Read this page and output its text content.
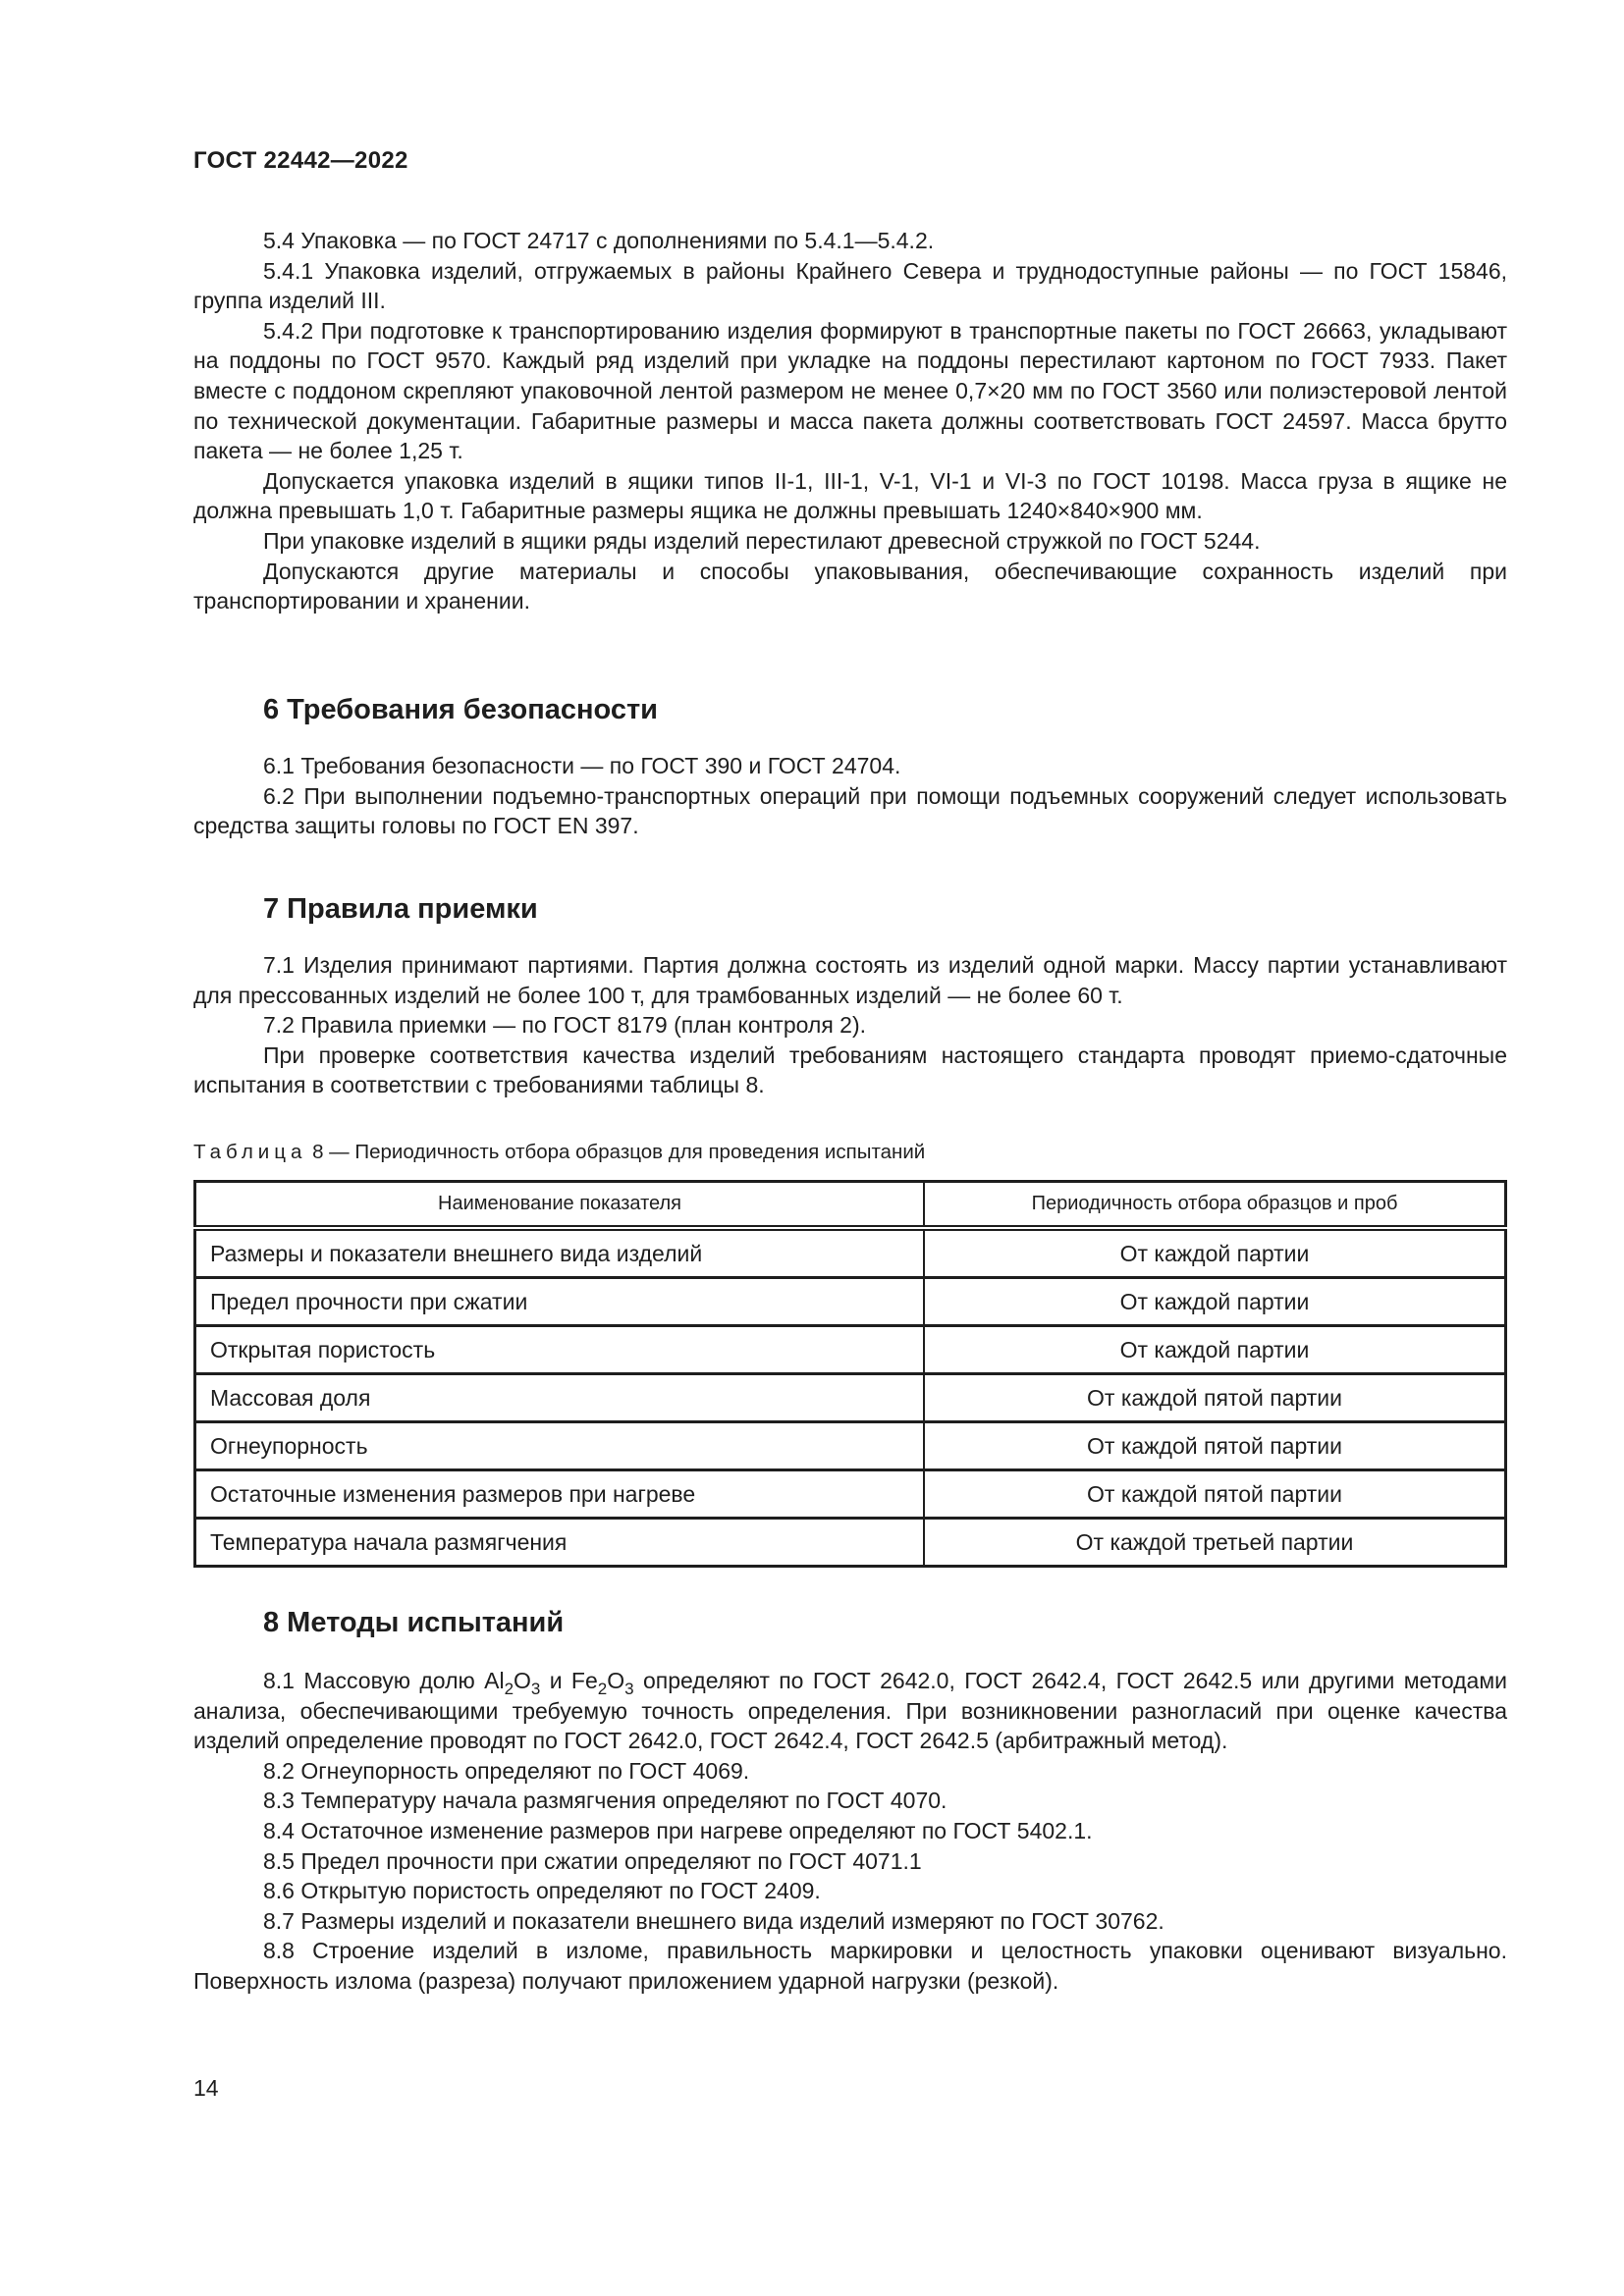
ГОСТ 22442—2022

5.4 Упаковка — по ГОСТ 24717 с дополнениями по 5.4.1—5.4.2.

5.4.1 Упаковка изделий, отгружаемых в районы Крайнего Севера и труднодоступные районы — по ГОСТ 15846, группа изделий III.

5.4.2 При подготовке к транспортированию изделия формируют в транспортные пакеты по ГОСТ 26663, укладывают на поддоны по ГОСТ 9570. Каждый ряд изделий при укладке на поддоны перестилают картоном по ГОСТ 7933. Пакет вместе с поддоном скрепляют упаковочной лентой размером не менее 0,7×20 мм по ГОСТ 3560 или полиэстеровой лентой по технической документации. Габаритные размеры и масса пакета должны соответствовать ГОСТ 24597. Масса брутто пакета — не более 1,25 т.

Допускается упаковка изделий в ящики типов II-1, III-1, V-1, VI-1 и VI-3 по ГОСТ 10198. Масса груза в ящике не должна превышать 1,0 т. Габаритные размеры ящика не должны превышать 1240×840×900 мм.

При упаковке изделий в ящики ряды изделий перестилают древесной стружкой по ГОСТ 5244.

Допускаются другие материалы и способы упаковывания, обеспечивающие сохранность изделий при транспортировании и хранении.

6 Требования безопасности

6.1 Требования безопасности — по ГОСТ 390 и ГОСТ 24704.

6.2 При выполнении подъемно-транспортных операций при помощи подъемных сооружений следует использовать средства защиты головы по ГОСТ EN 397.

7 Правила приемки

7.1 Изделия принимают партиями. Партия должна состоять из изделий одной марки. Массу партии устанавливают для прессованных изделий не более 100 т, для трамбованных изделий — не более 60 т.

7.2 Правила приемки — по ГОСТ 8179 (план контроля 2).

При проверке соответствия качества изделий требованиям настоящего стандарта проводят приемо-сдаточные испытания в соответствии с требованиями таблицы 8.

Таблица 8 — Периодичность отбора образцов для проведения испытаний
Наименование показателя	Периодичность отбора образцов и проб
Размеры и показатели внешнего вида изделий	От каждой партии
Предел прочности при сжатии	От каждой партии
Открытая пористость	От каждой партии
Массовая доля	От каждой пятой партии
Огнеупорность	От каждой пятой партии
Остаточные изменения размеров при нагреве	От каждой пятой партии
Температура начала размягчения	От каждой третьей партии
8 Методы испытаний

8.1 Массовую долю $Al_2O_3$ и $Fe_2O_3$ определяют по ГОСТ 2642.0, ГОСТ 2642.4, ГОСТ 2642.5 или другими методами анализа, обеспечивающими требуемую точность определения. При возникновении разногласий при оценке качества изделий определение проводят по ГОСТ 2642.0, ГОСТ 2642.4, ГОСТ 2642.5 (арбитражный метод).

8.2 Огнеупорность определяют по ГОСТ 4069.

8.3 Температуру начала размягчения определяют по ГОСТ 4070.

8.4 Остаточное изменение размеров при нагреве определяют по ГОСТ 5402.1.

8.5 Предел прочности при сжатии определяют по ГОСТ 4071.1

8.6 Открытую пористость определяют по ГОСТ 2409.

8.7 Размеры изделий и показатели внешнего вида изделий измеряют по ГОСТ 30762.

8.8 Строение изделий в изломе, правильность маркировки и целостность упаковки оценивают визуально. Поверхность излома (разреза) получают приложением ударной нагрузки (резкой).

14
